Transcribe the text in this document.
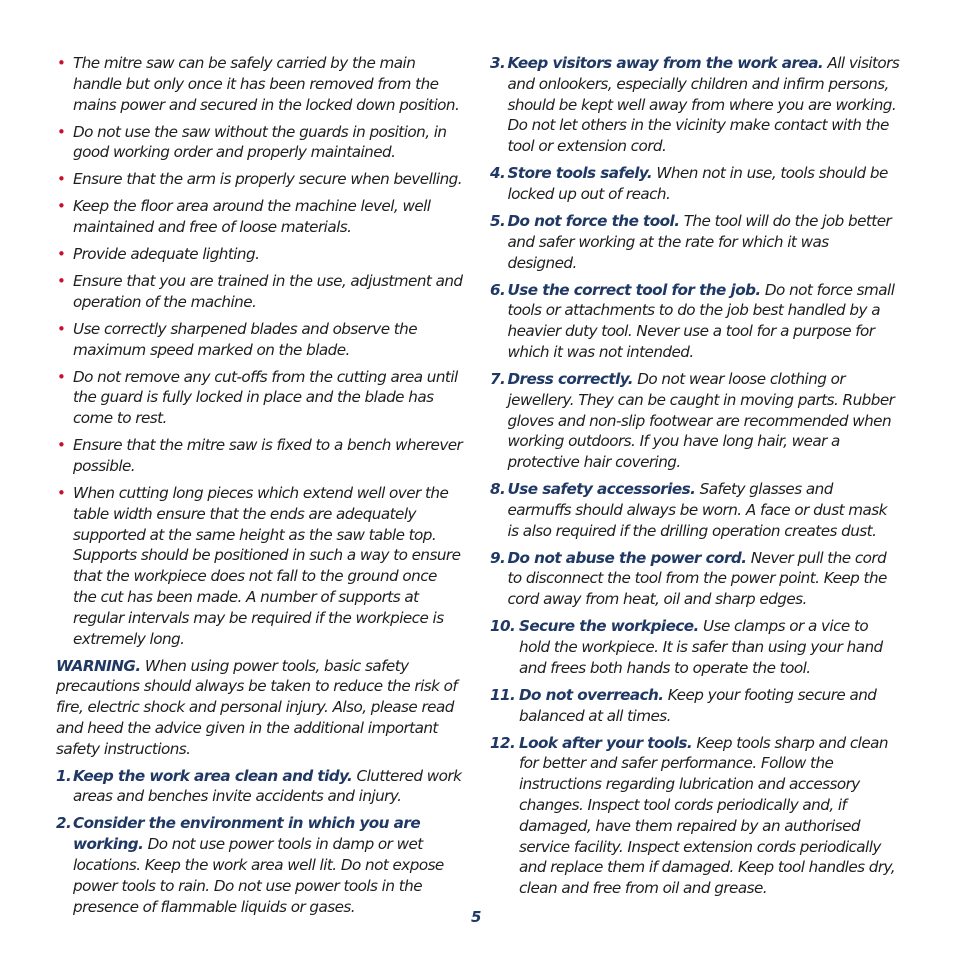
• The mitre saw can be safely carried by the main handle but only once it has been removed from the mains power and secured in the locked down position.
• Do not use the saw without the guards in position, in good working order and properly maintained.
• Ensure that the arm is properly secure when bevelling.
• Keep the floor area around the machine level, well maintained and free of loose materials.
• Provide adequate lighting.
• Ensure that you are trained in the use, adjustment and operation of the machine.
• Use correctly sharpened blades and observe the maximum speed marked on the blade.
• Do not remove any cut-offs from the cutting area until the guard is fully locked in place and the blade has come to rest.
• Ensure that the mitre saw is fixed to a bench wherever possible.
• When cutting long pieces which extend well over the table width ensure that the ends are adequately supported at the same height as the saw table top. Supports should be positioned in such a way to ensure that the workpiece does not fall to the ground once the cut has been made. A number of supports at regular intervals may be required if the workpiece is extremely long.

WARNING. When using power tools, basic safety precautions should always be taken to reduce the risk of fire, electric shock and personal injury. Also, please read and heed the advice given in the additional important safety instructions.

1. Keep the work area clean and tidy. Cluttered work areas and benches invite accidents and injury.
2. Consider the environment in which you are working. Do not use power tools in damp or wet locations. Keep the work area well lit. Do not expose power tools to rain. Do not use power tools in the presence of flammable liquids or gases.
3. Keep visitors away from the work area. All visitors and onlookers, especially children and infirm persons, should be kept well away from where you are working. Do not let others in the vicinity make contact with the tool or extension cord.
4. Store tools safely. When not in use, tools should be locked up out of reach.
5. Do not force the tool. The tool will do the job better and safer working at the rate for which it was designed.
6. Use the correct tool for the job. Do not force small tools or attachments to do the job best handled by a heavier duty tool. Never use a tool for a purpose for which it was not intended.
7. Dress correctly. Do not wear loose clothing or jewellery. They can be caught in moving parts. Rubber gloves and non-slip footwear are recommended when working outdoors. If you have long hair, wear a protective hair covering.
8. Use safety accessories. Safety glasses and earmuffs should always be worn. A face or dust mask is also required if the drilling operation creates dust.
9. Do not abuse the power cord. Never pull the cord to disconnect the tool from the power point. Keep the cord away from heat, oil and sharp edges.
10. Secure the workpiece. Use clamps or a vice to hold the workpiece. It is safer than using your hand and frees both hands to operate the tool.
11. Do not overreach. Keep your footing secure and balanced at all times.
12. Look after your tools. Keep tools sharp and clean for better and safer performance. Follow the instructions regarding lubrication and accessory changes. Inspect tool cords periodically and, if damaged, have them repaired by an authorised service facility. Inspect extension cords periodically and replace them if damaged. Keep tool handles dry, clean and free from oil and grease.
5
